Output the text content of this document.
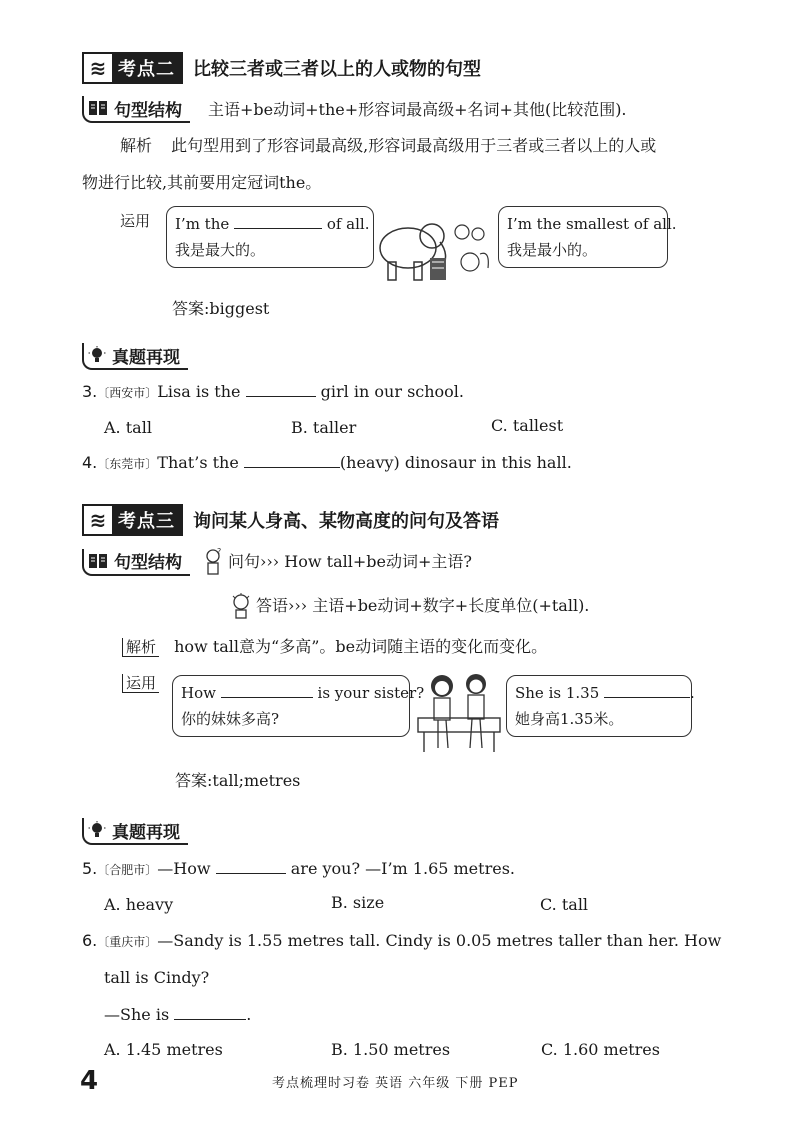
≋ 考点二	比较三者或三者以上的人或物的句型
句型结构 主语+be动词+the+形容词最高级+名词+其他(比较范围).
解析 此句型用到了形容词最高级,形容词最高级用于三者或三者以上的人或
物进行比较,其前要用定冠词the。
运用 I’m the	of all.
我是最大的。
I’m the smallest of all.
我是最小的。
答案:biggest
真题再现
3.〔西安市〕Lisa is the	girl in our school.
A. tall	B. taller	C. tallest
4.〔东莞市〕That’s the	(heavy) dinosaur in this hall.
≋ 考点三	询问某人身高、某物高度的问句及答语
句型结构
?
问句››› How tall+be动词+主语?
答语››› 主语+be动词+数字+长度单位(+tall).
解析 how tall意为“多高”。be动词随主语的变化而变化。
运用
How	is your sister?
你的妹妹多高?
She is 1.35	.
她身高1.35米。
答案:tall;metres
真题再现
5.〔合肥市〕—How	are you? —I’m 1.65 metres.
A. heavy	B. size	C. tall
6.〔重庆市〕—Sandy is 1.55 metres tall. Cindy is 0.05 metres taller than her. How
tall is Cindy?
—She is	.
A. 1.45 metres	B. 1.50 metres	C. 1.60 metres
4	考点梳理时习卷 英语 六年级 下册 PEP
